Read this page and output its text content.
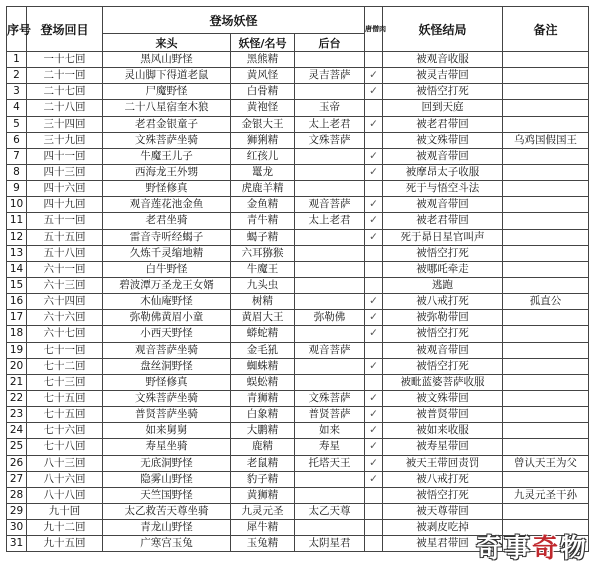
序号	登场回目	登场妖怪			唐僧肉	妖怪结局	备注
		来头	妖怪/名号	后台			
1	一十七回	黑风山野怪	黑熊精			被观音收服	
2	二十一回	灵山脚下得道老鼠	黄风怪	灵吉菩萨	✓	被灵吉带回	
3	二十七回	尸魔野怪	白骨精		✓	被悟空打死	
4	二十八回	二十八星宿奎木狼	黄袍怪	玉帝		回到天庭	
5	三十四回	老君金银童子	金银大王	太上老君	✓	被老君带回	
6	三十九回	文殊菩萨坐骑	狮猁精	文殊菩萨		被文殊带回	乌鸡国假国王
7	四十一回	牛魔王儿子	红孩儿		✓	被观音带回	
8	四十三回	西海龙王外甥	鼍龙		✓	被摩昂太子收服	
9	四十六回	野怪修真	虎鹿羊精			死于与悟空斗法	
10	四十九回	观音莲花池金鱼	金鱼精	观音菩萨	✓	被观音带回	
11	五十一回	老君坐骑	青牛精	太上老君	✓	被老君带回	
12	五十五回	雷音寺听经蝎子	蝎子精		✓	死于昴日星官叫声	
13	五十八回	久炼千灵缩地精	六耳猕猴			被悟空打死	
14	六十一回	白牛野怪	牛魔王			被哪吒牵走	
15	六十三回	碧波潭万圣龙王女婿	九头虫			逃跑	
16	六十四回	木仙庵野怪	树精		✓	被八戒打死	孤直公
17	六十六回	弥勒佛黄眉小童	黄眉大王	弥勒佛	✓	被弥勒带回	
18	六十七回	小西天野怪	蟒蛇精		✓	被悟空打死	
19	七十一回	观音菩萨坐骑	金毛犼	观音菩萨		被观音带回	
20	七十二回	盘丝洞野怪	蜘蛛精		✓	被悟空打死	
21	七十三回	野怪修真	蜈蚣精			被毗蓝婆菩萨收服	
22	七十五回	文殊菩萨坐骑	青狮精	文殊菩萨	✓	被文殊带回	
23	七十五回	普贤菩萨坐骑	白象精	普贤菩萨	✓	被普贤带回	
24	七十六回	如来舅舅	大鹏精	如来	✓	被如来收服	
25	七十八回	寿星坐骑	鹿精	寿星	✓	被寿星带回	
26	八十三回	无底洞野怪	老鼠精	托塔天王	✓	被天王带回责罚	曾认天王为父
27	八十六回	隐雾山野怪	豹子精		✓	被八戒打死	
28	八十八回	天竺国野怪	黄狮精			被悟空打死	九灵元圣干孙
29	九十回	太乙救苦天尊坐骑	九灵元圣	太乙天尊		被天尊带回	
30	九十二回	青龙山野怪	犀牛精			被剥皮吃掉	
31	九十五回	广寒宫玉兔	玉兔精	太阴星君		被星君带回	奇事奇物
